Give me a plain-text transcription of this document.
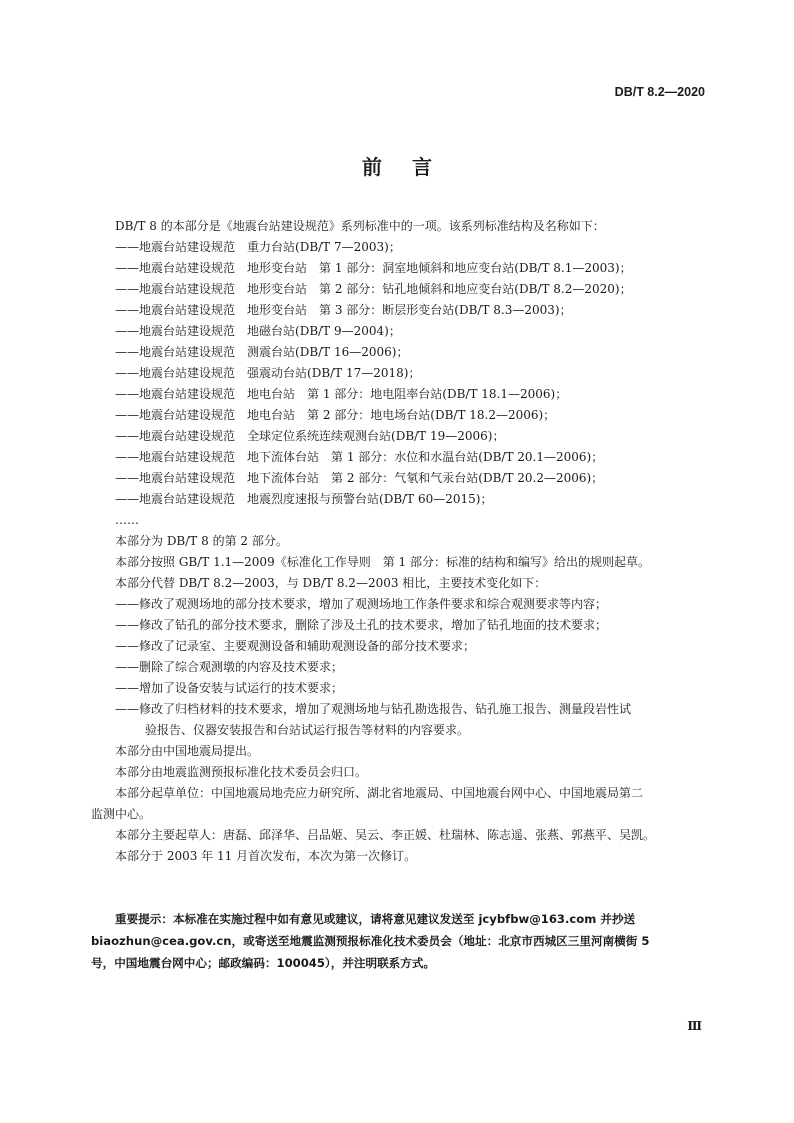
DB/T 8.2—2020
前言

DB/T 8 的本部分是《地震台站建设规范》系列标准中的一项。该系列标准结构及名称如下：

——地震台站建设规范 重力台站(DB/T 7—2003)；

——地震台站建设规范 地形变台站　第 1 部分：洞室地倾斜和地应变台站(DB/T 8.1—2003)；

——地震台站建设规范 地形变台站　第 2 部分：钻孔地倾斜和地应变台站(DB/T 8.2—2020)；

——地震台站建设规范 地形变台站　第 3 部分：断层形变台站(DB/T 8.3—2003)；

——地震台站建设规范 地磁台站(DB/T 9—2004)；

——地震台站建设规范 测震台站(DB/T 16—2006)；

——地震台站建设规范 强震动台站(DB/T 17—2018)；

——地震台站建设规范 地电台站　第 1 部分：地电阻率台站(DB/T 18.1—2006)；

——地震台站建设规范 地电台站　第 2 部分：地电场台站(DB/T 18.2—2006)；

——地震台站建设规范 全球定位系统连续观测台站(DB/T 19—2006)；

——地震台站建设规范 地下流体台站　第 1 部分：水位和水温台站(DB/T 20.1—2006)；

——地震台站建设规范 地下流体台站　第 2 部分：气氡和气汞台站(DB/T 20.2—2006)；

——地震台站建设规范 地震烈度速报与预警台站(DB/T 60—2015)；

……

本部分为 DB/T 8 的第 2 部分。

本部分按照 GB/T 1.1—2009《标准化工作导则　第 1 部分：标准的结构和编写》给出的规则起草。

本部分代替 DB/T 8.2—2003，与 DB/T 8.2—2003 相比，主要技术变化如下：

——修改了观测场地的部分技术要求，增加了观测场地工作条件要求和综合观测要求等内容；

——修改了钻孔的部分技术要求，删除了涉及土孔的技术要求，增加了钻孔地面的技术要求；

——修改了记录室、主要观测设备和辅助观测设备的部分技术要求；

——删除了综合观测墩的内容及技术要求；

——增加了设备安装与试运行的技术要求；

——修改了归档材料的技术要求，增加了观测场地与钻孔勘选报告、钻孔施工报告、测量段岩性试

验报告、仪器安装报告和台站试运行报告等材料的内容要求。

本部分由中国地震局提出。

本部分由地震监测预报标准化技术委员会归口。

本部分起草单位：中国地震局地壳应力研究所、湖北省地震局、中国地震台网中心、中国地震局第二

监测中心。

本部分主要起草人：唐磊、邱泽华、吕品姬、吴云、李正媛、杜瑞林、陈志遥、张燕、郭燕平、吴凯。

本部分于 2003 年 11 月首次发布，本次为第一次修订。

重要提示：本标准在实施过程中如有意见或建议，请将意见建议发送至 jcybfbw@163.com 并抄送
biaozhun@cea.gov.cn，或寄送至地震监测预报标准化技术委员会（地址：北京市西城区三里河南横街 5
号，中国地震台网中心；邮政编码：100045），并注明联系方式。
Ⅲ
